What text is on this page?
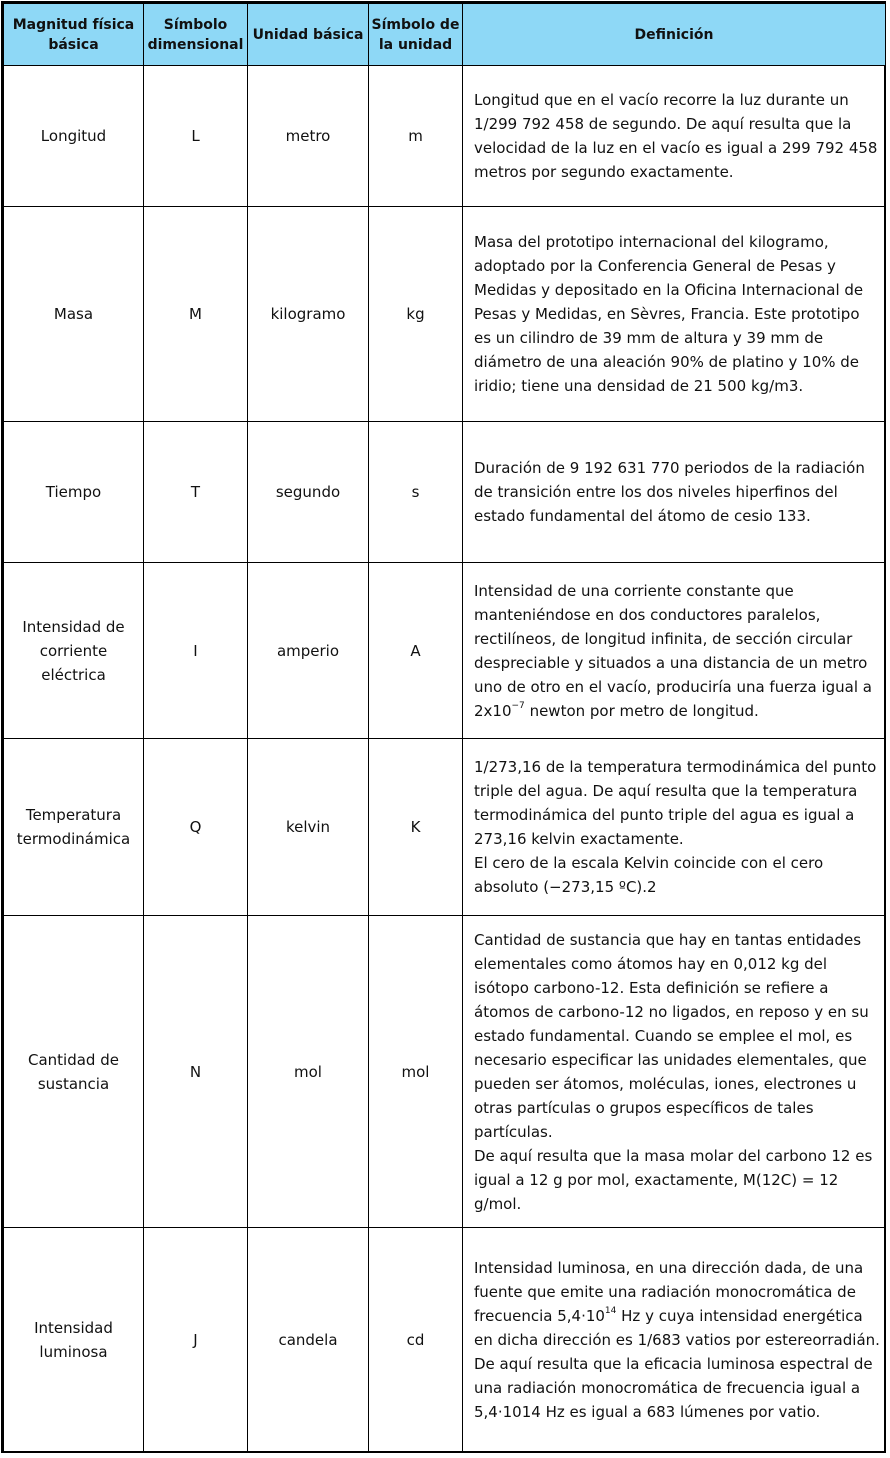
Magnitud física básica	Símbolo dimensional	Unidad básica	Símbolo de la unidad	Definición
Longitud	L	metro	m	Longitud que en el vacío recorre la luz durante un 1/299 792 458 de segundo. De aquí resulta que la velocidad de la luz en el vacío es igual a 299 792 458 metros por segundo exactamente.
Masa	M	kilogramo	kg	Masa del prototipo internacional del kilogramo, adoptado por la Conferencia General de Pesas y Medidas y depositado en la Oficina Internacional de Pesas y Medidas, en Sèvres, Francia. Este prototipo es un cilindro de 39 mm de altura y 39 mm de diámetro de una aleación 90% de platino y 10% de iridio; tiene una densidad de 21 500 kg/m3.
Tiempo	T	segundo	s	Duración de 9 192 631 770 periodos de la radiación de transición entre los dos niveles hiperfinos del estado fundamental del átomo de cesio 133.
Intensidad de corriente eléctrica	I	amperio	A	Intensidad de una corriente constante que manteniéndose en dos conductores paralelos, rectilíneos, de longitud infinita, de sección circular despreciable y situados a una distancia de un metro uno de otro en el vacío, produciría una fuerza igual a $2x10^{-7}$ newton por metro de longitud.
Temperatura termodinámica	Q	kelvin	K	1/273,16 de la temperatura termodinámica del punto triple del agua. De aquí resulta que la temperatura termodinámica del punto triple del agua es igual a 273,16 kelvin exactamente.
El cero de la escala Kelvin coincide con el cero absoluto (−273,15 ºC).2
Cantidad de sustancia	N	mol	mol	Cantidad de sustancia que hay en tantas entidades elementales como átomos hay en 0,012 kg del isótopo carbono-12. Esta definición se refiere a átomos de carbono-12 no ligados, en reposo y en su estado fundamental. Cuando se emplee el mol, es necesario especificar las unidades elementales, que pueden ser átomos, moléculas, iones, electrones u otras partículas o grupos específicos de tales partículas.
De aquí resulta que la masa molar del carbono 12 es igual a 12 g por mol, exactamente, M(12C) = 12 g/mol.
Intensidad luminosa	J	candela	cd	Intensidad luminosa, en una dirección dada, de una fuente que emite una radiación monocromática de frecuencia $5,4\cdot 10^{14}$ Hz y cuya intensidad energética en dicha dirección es 1/683 vatios por estereorradián.
De aquí resulta que la eficacia luminosa espectral de una radiación monocromática de frecuencia igual a 5,4·1014 Hz es igual a 683 lúmenes por vatio.
